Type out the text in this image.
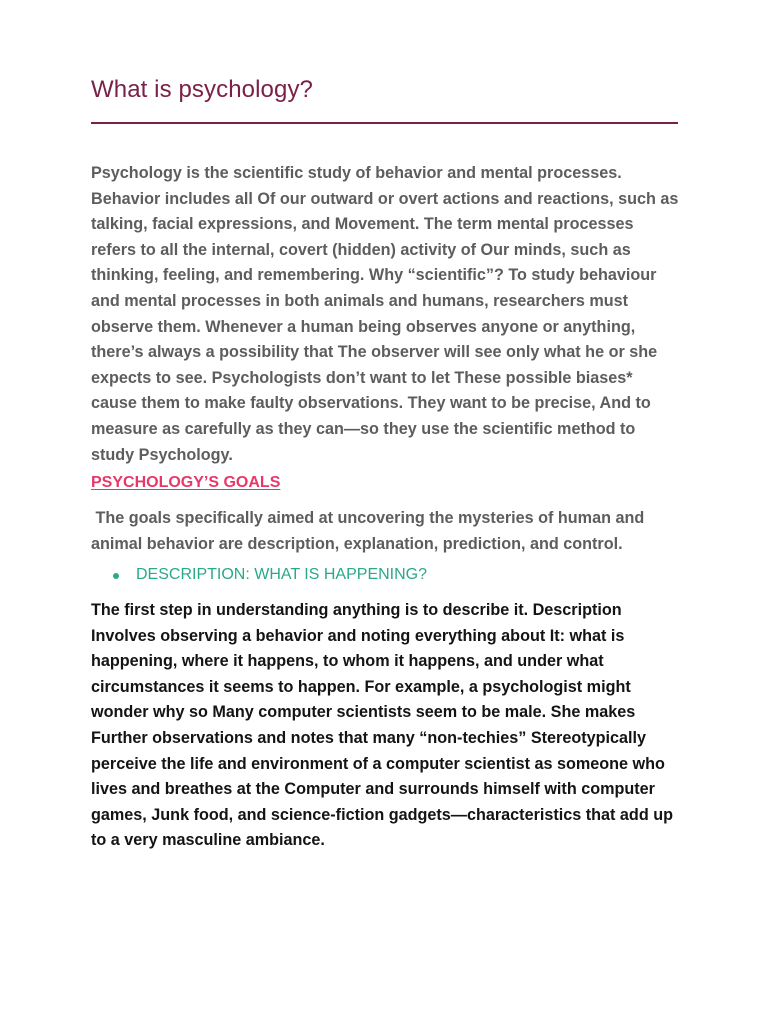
What is psychology?

Psychology is the scientific study of behavior and mental processes. Behavior includes all Of our outward or overt actions and reactions, such as talking, facial expressions, and Movement. The term mental processes refers to all the internal, covert (hidden) activity of Our minds, such as thinking, feeling, and remembering. Why “scientific”? To study behaviour and mental processes in both animals and humans, researchers must observe them. Whenever a human being observes anyone or anything, there’s always a possibility that The observer will see only what he or she expects to see. Psychologists don’t want to let These possible biases* cause them to make faulty observations. They want to be precise, And to measure as carefully as they can—so they use the scientific method to study Psychology.

PSYCHOLOGY’S GOALS

The goals specifically aimed at uncovering the mysteries of human and animal behavior are description, explanation, prediction, and control.

DESCRIPTION: WHAT IS HAPPENING?

The first step in understanding anything is to describe it. Description Involves observing a behavior and noting everything about It: what is happening, where it happens, to whom it happens, and under what circumstances it seems to happen. For example, a psychologist might wonder why so Many computer scientists seem to be male. She makes Further observations and notes that many “non-techies” Stereotypically perceive the life and environment of a computer scientist as someone who lives and breathes at the Computer and surrounds himself with computer games, Junk food, and science-fiction gadgets—characteristics that add up to a very masculine ambiance.
